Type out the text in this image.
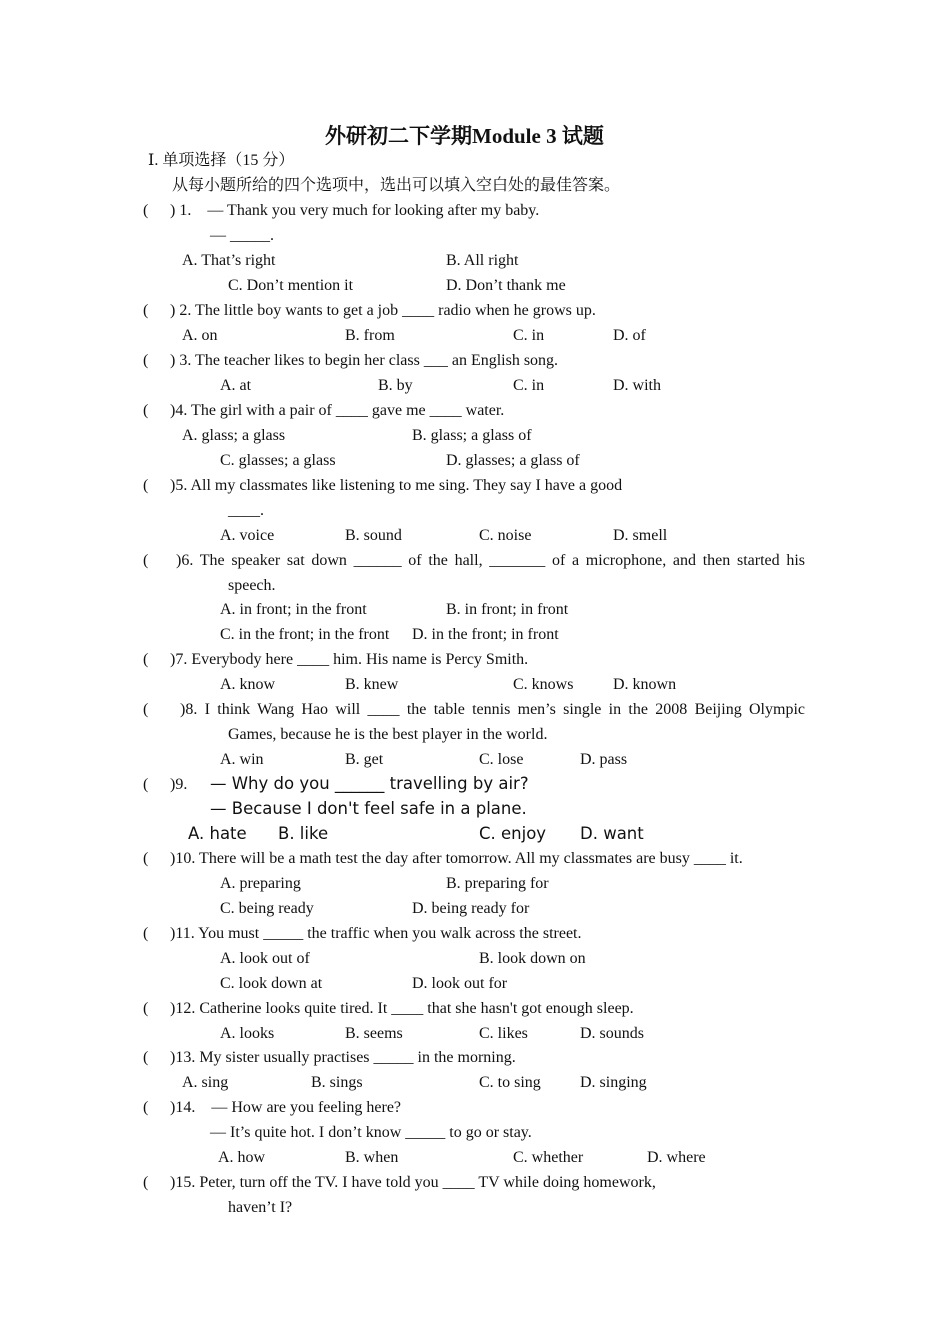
外研初二下学期Module 3 试题
Ⅰ. 单项选择（15 分）
从每小题所给的四个选项中，选出可以填入空白处的最佳答案。
( ) 1.　— Thank you very much for looking after my baby.
— _____.
A. That’s right	B. All right
C. Don’t mention it	D. Don’t thank me
( ) 2. The little boy wants to get a job ____ radio when he grows up.
A. on	B. from	C. in	D. of
( ) 3. The teacher likes to begin her class ___ an English song.
A. at	B. by	C. in	D. with
( )4. The girl with a pair of ____ gave me ____ water.
A. glass; a glass	B. glass; a glass of
C. glasses; a glass	D. glasses; a glass of
( )5. All my classmates like listening to me sing. They say I have a good
____.
A. voice	B. sound	C. noise	D. smell
( )6. The speaker sat down ______ of the hall, _______ of a microphone, and then started his
speech.
A. in front; in the front	B. in front; in front
C. in the front; in the front D. in the front; in front
( )7. Everybody here ____ him. His name is Percy Smith.
A. know	B. knew	C. knows D. known
( )8. I think Wang Hao will ____ the table tennis men’s single in the 2008 Beijing Olympic
Games, because he is the best player in the world.
A. win	B. get	C. lose	D. pass
( )9. — Why do you ______ travelling by air?
— Because I don't feel safe in a plane.
A. hate B. like	C. enjoy D. want
( )10. There will be a math test the day after tomorrow. All my classmates are busy ____ it.
A. preparing	B. preparing for
C. being ready	D. being ready for
( )11. You must _____ the traffic when you walk across the street.
A. look out of	B. look down on
C. look down at	D. look out for
( )12. Catherine looks quite tired. It ____ that she hasn't got enough sleep.
A. looks	B. seems	C. likes	D. sounds
( )13. My sister usually practises _____ in the morning.
A. sing	B. sings	C. to sing D. singing
( )14.　— How are you feeling here?
— It’s quite hot. I don’t know _____ to go or stay.
A. how	B. when	C. whether	D. where
( )15. Peter, turn off the TV. I have told you ____ TV while doing homework,
haven’t I?
